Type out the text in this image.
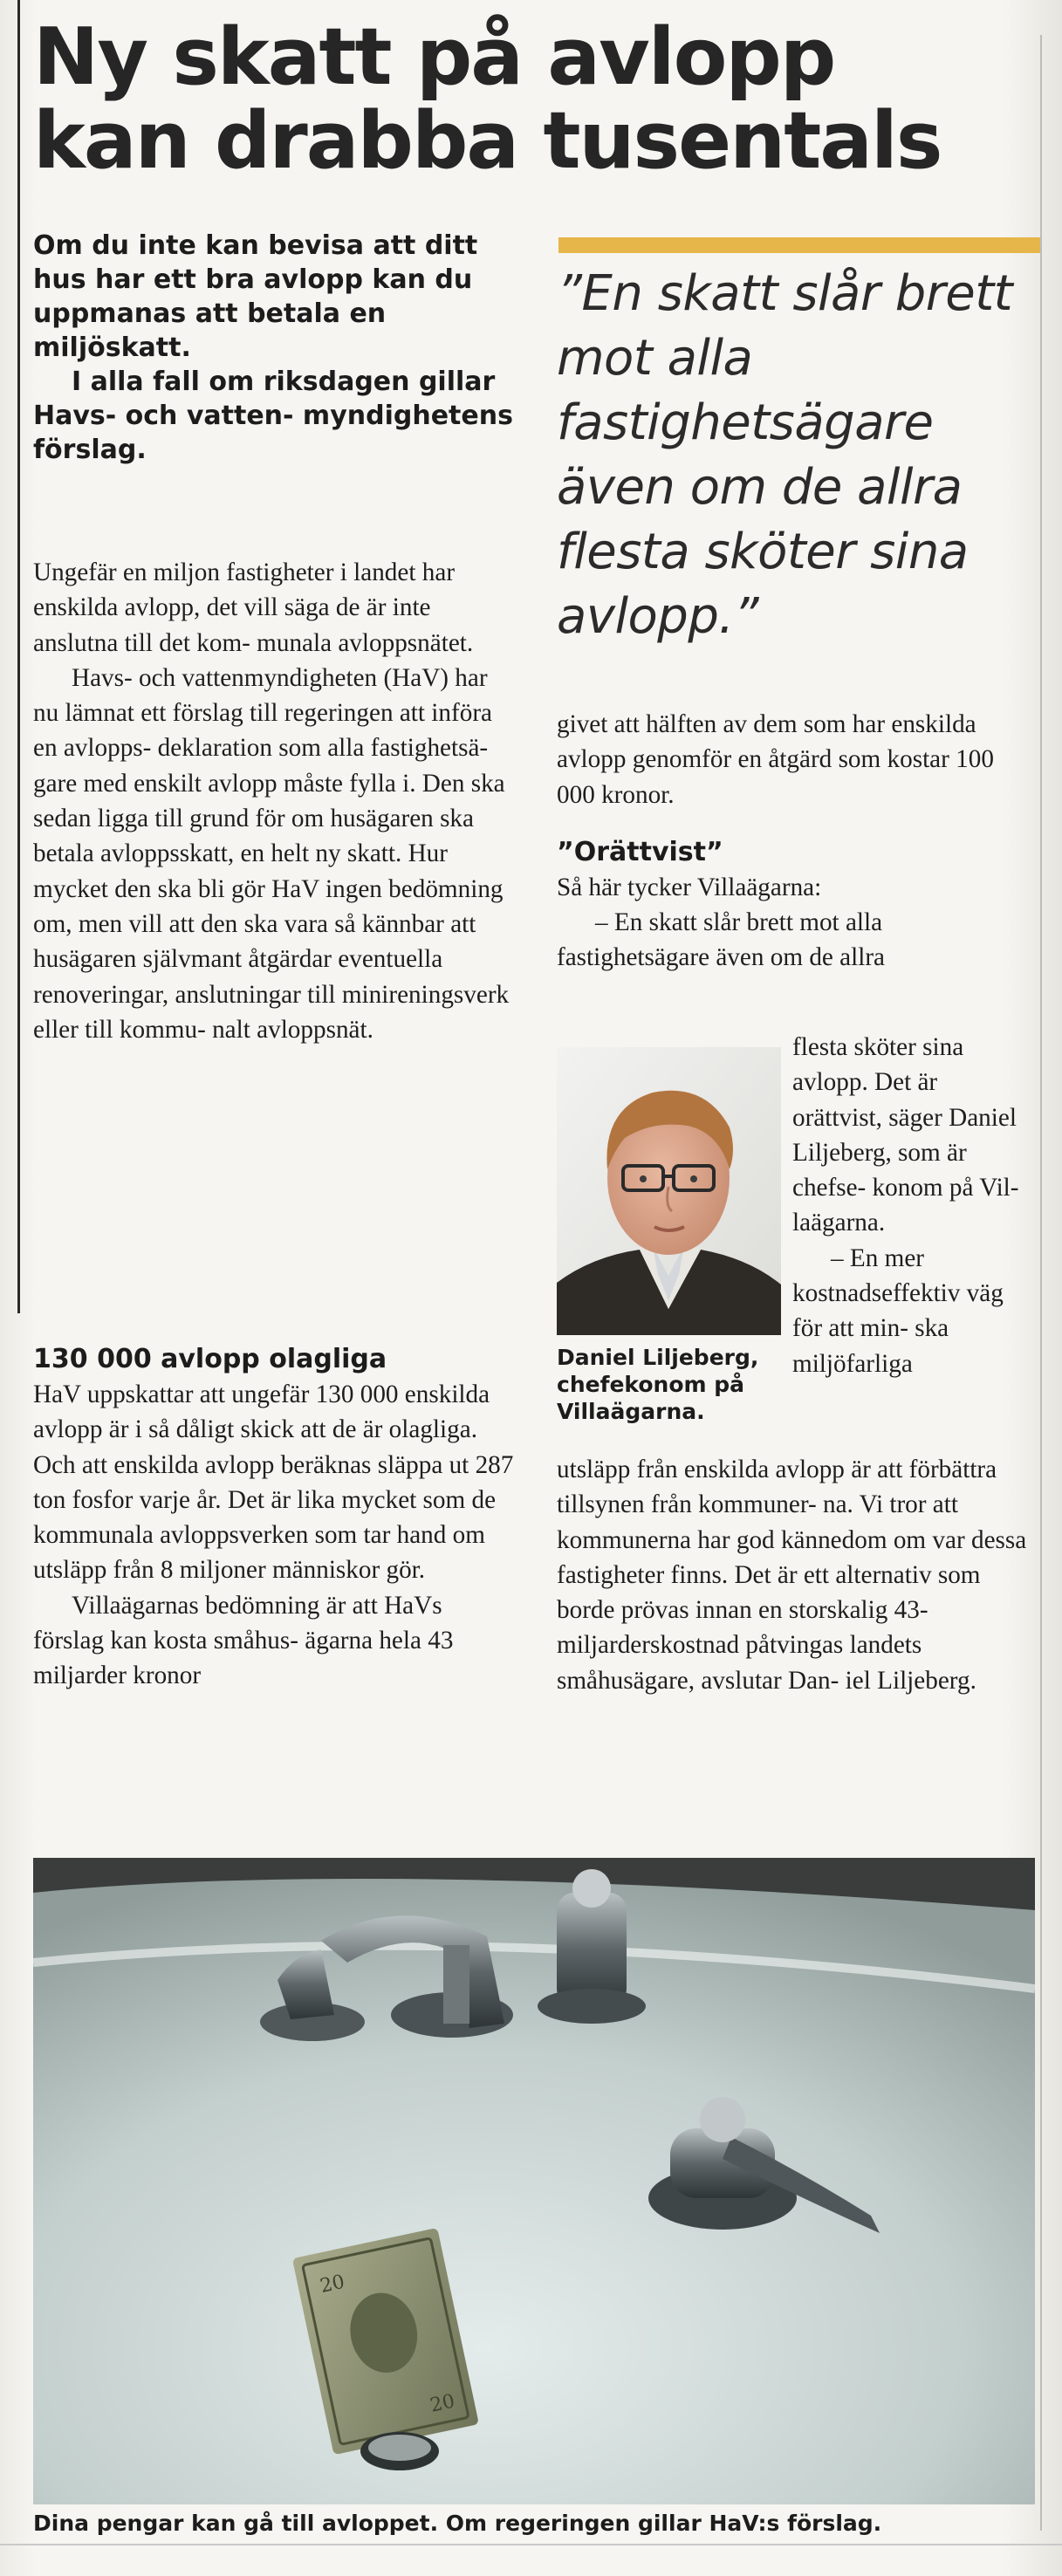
Ny skatt på avlopp
kan drabba tusentals

Om du inte kan bevisa att ditt hus har ett bra avlopp kan du uppmanas att betala en miljöskatt.

I alla fall om riksdagen gillar Havs- och vatten- myndighetens förslag.

Ungefär en miljon fastigheter i landet har enskilda avlopp, det vill säga de är inte anslutna till det kom- munala avloppsnätet.

Havs- och vattenmyndigheten (HaV) har nu lämnat ett förslag till regeringen att införa en avlopps- deklaration som alla fastighetsä- gare med enskilt avlopp måste fylla i. Den ska sedan ligga till grund för om husägaren ska betala avloppsskatt, en helt ny skatt. Hur mycket den ska bli gör HaV ingen bedömning om, men vill att den ska vara så kännbar att husägaren självmant åtgärdar eventuella renoveringar, anslutningar till minireningsverk eller till kommu- nalt avloppsnät.

130 000 avlopp olagliga

HaV uppskattar att ungefär 130 000 enskilda avlopp är i så dåligt skick att de är olagliga. Och att enskilda avlopp beräknas släppa ut 287 ton fosfor varje år. Det är lika mycket som de kommunala avloppsverken som tar hand om utsläpp från 8 miljoner människor gör.

Villaägarnas bedömning är att HaVs förslag kan kosta småhus- ägarna hela 43 miljarder kronor

”En skatt slår brett mot alla fastighetsägare även om de allra flesta sköter sina avlopp.”

givet att hälften av dem som har enskilda avlopp genomför en åtgärd som kostar 100 000 kronor.

”Orättvist”

Så här tycker Villaägarna:

– En skatt slår brett mot alla fastighetsägare även om de allra

flesta sköter sina avlopp. Det är orättvist, säger Daniel Liljeberg, som är chefse- konom på Vil- laägarna.

– En mer kostnadseffektiv väg för att min- ska miljöfarliga

utsläpp från enskilda avlopp är att förbättra tillsynen från kommuner- na. Vi tror att kommunerna har god kännedom om var dessa fastigheter finns. Det är ett alternativ som borde prövas innan en storskalig 43-miljarderskostnad påtvingas landets småhusägare, avslutar Dan- iel Liljeberg.

Daniel Liljeberg, chefekonom på Villaägarna.

20
20

Dina pengar kan gå till avloppet. Om regeringen gillar HaV:s förslag.
